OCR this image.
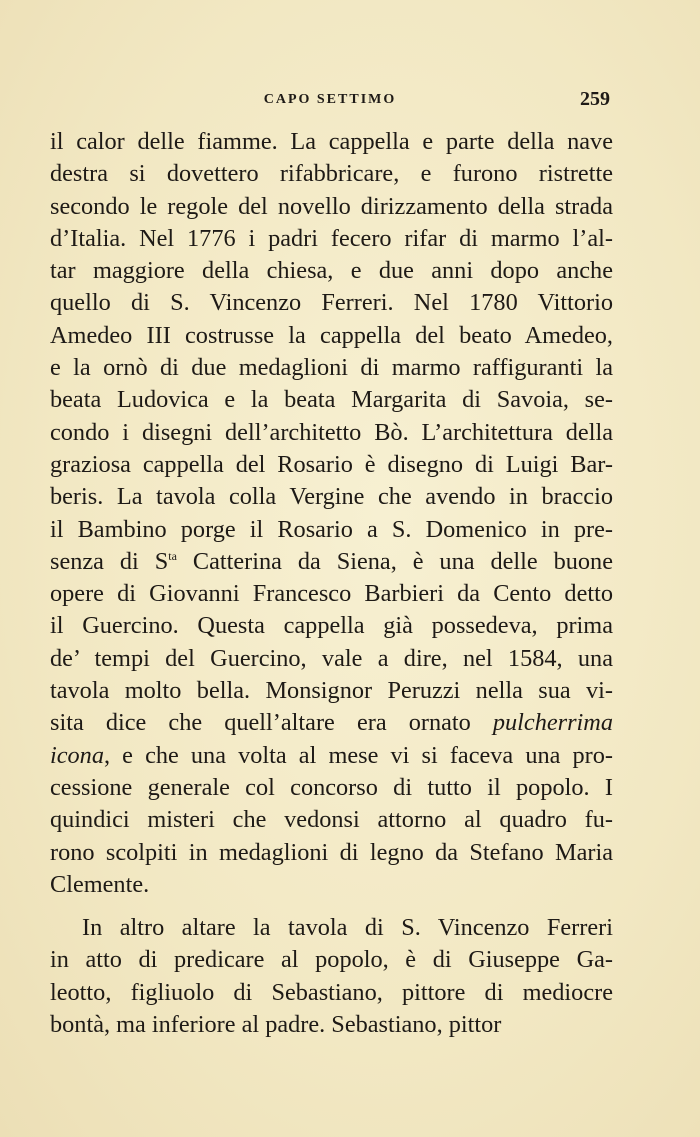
CAPO SETTIMO	259
il calor delle fiamme. La cappella e parte della nave
destra si dovettero rifabbricare, e furono ristrette
secondo le regole del novello dirizzamento della strada
d’Italia. Nel 1776 i padri fecero rifar di marmo l’al-
tar maggiore della chiesa, e due anni dopo anche
quello di S. Vincenzo Ferreri. Nel 1780 Vittorio
Amedeo III costrusse la cappella del beato Amedeo,
e la ornò di due medaglioni di marmo raffiguranti la
beata Ludovica e la beata Margarita di Savoia, se-
condo i disegni dell’architetto Bò. L’architettura della
graziosa cappella del Rosario è disegno di Luigi Bar-
beris. La tavola colla Vergine che avendo in braccio
il Bambino porge il Rosario a S. Domenico in pre-
senza di $S^{ta}$ Catterina da Siena, è una delle buone
opere di Giovanni Francesco Barbieri da Cento detto
il Guercino. Questa cappella già possedeva, prima
de’ tempi del Guercino, vale a dire, nel 1584, una
tavola molto bella. Monsignor Peruzzi nella sua vi-
sita dice che quell’altare era ornato pulcherrima
icona, e che una volta al mese vi si faceva una pro-
cessione generale col concorso di tutto il popolo. I
quindici misteri che vedonsi attorno al quadro fu-
rono scolpiti in medaglioni di legno da Stefano Maria
Clemente.
In altro altare la tavola di S. Vincenzo Ferreri
in atto di predicare al popolo, è di Giuseppe Ga-
leotto, figliuolo di Sebastiano, pittore di mediocre
bontà, ma inferiore al padre. Sebastiano, pittor
